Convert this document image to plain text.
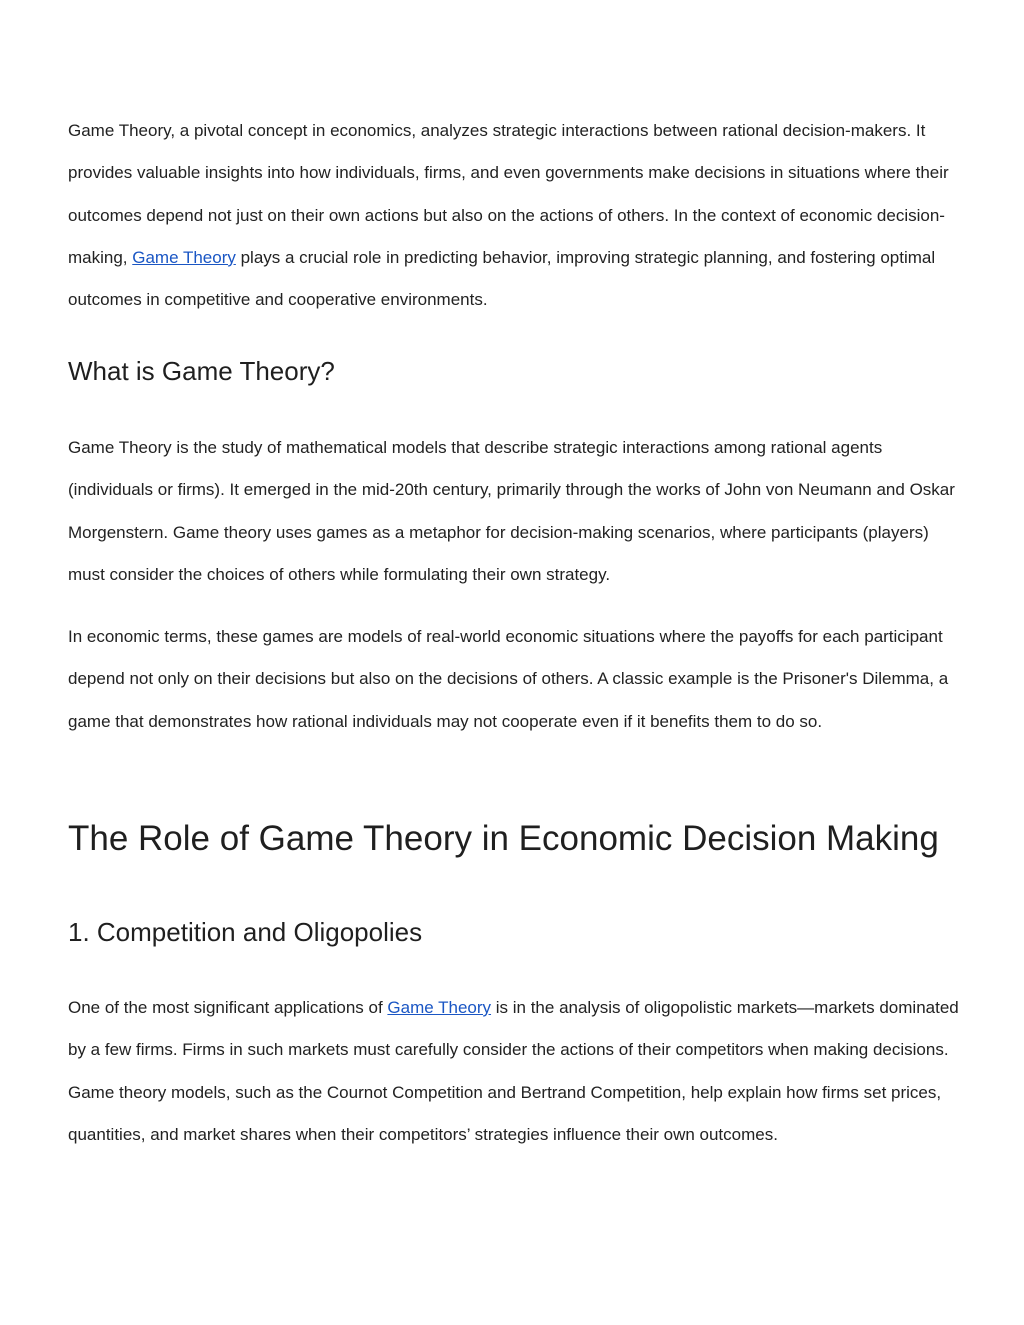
Game Theory, a pivotal concept in economics, analyzes strategic interactions between rational decision-makers. It provides valuable insights into how individuals, firms, and even governments make decisions in situations where their outcomes depend not just on their own actions but also on the actions of others. In the context of economic decision-making, Game Theory plays a crucial role in predicting behavior, improving strategic planning, and fostering optimal outcomes in competitive and cooperative environments.

What is Game Theory?

Game Theory is the study of mathematical models that describe strategic interactions among rational agents (individuals or firms). It emerged in the mid-20th century, primarily through the works of John von Neumann and Oskar Morgenstern. Game theory uses games as a metaphor for decision-making scenarios, where participants (players) must consider the choices of others while formulating their own strategy.

In economic terms, these games are models of real-world economic situations where the payoffs for each participant depend not only on their decisions but also on the decisions of others. A classic example is the Prisoner's Dilemma, a game that demonstrates how rational individuals may not cooperate even if it benefits them to do so.

The Role of Game Theory in Economic Decision Making
1. Competition and Oligopolies

One of the most significant applications of Game Theory is in the analysis of oligopolistic markets—markets dominated by a few firms. Firms in such markets must carefully consider the actions of their competitors when making decisions. Game theory models, such as the Cournot Competition and Bertrand Competition, help explain how firms set prices, quantities, and market shares when their competitors’ strategies influence their own outcomes.
